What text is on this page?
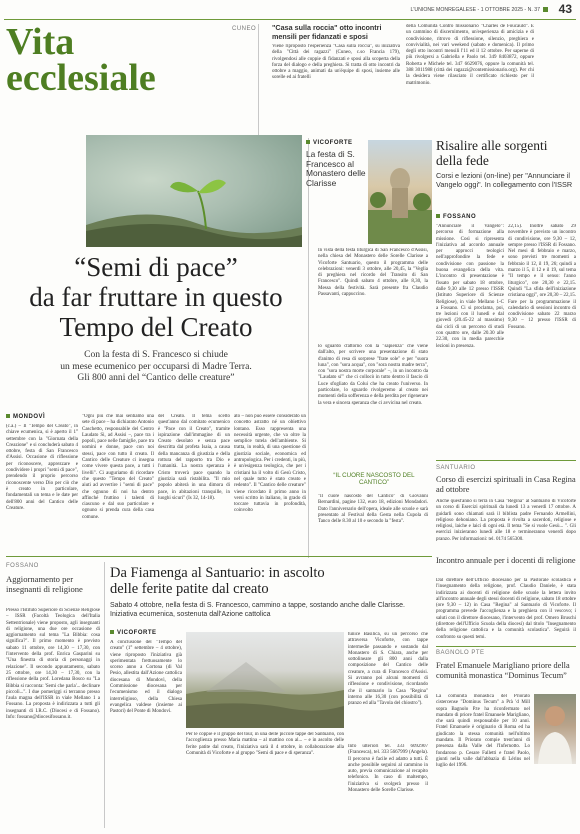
L'UNIONE MONREGALESE - 1 OTTOBRE 2025 - N. 37 43
Vita
ecclesiale
CUNEO "Casa sulla roccia" otto incontri mensili per fidanzati e sposi
Viene riproposto l'esperienza "Casa sulla roccia", su iniziativa della "Città dei ragazzi" (Cuneo, c.so Francia 179), rivolgendosi alle coppie di fidanzati e sposi alla scoperta della forza del dialogo e della preghiera. Si tratta di otto incontri da ottobre a maggio, animati da un'équipe di sposi, insieme alle sorelle ed ai fratelli
della Comunità Contro missionario "Charles de Foucauld". È un cammino di discernimento, un'esperienza di amicizia e di condivisione, ritrovo di riflessione, silenzio, preghiera e convivialità, nei vari weekend (sabato e domenica). Il primo degli otto incontri mensili l'11 ed il 12 ottobre. Per saperne di più rivolgersi a Gabriella e Paolo tel. 349 8403872, oppure Roberta e Michele tel. 347 6629076, oppure la comunità tel. 388 3011988 (città dei ragazzi@contemissionario.org). Per chi la desidera viene rilasciato il certificato richiesto per il matrimonio.
“Semi di pace”
da far fruttare in questo
Tempo del Creato
Con la festa di S. Francesco si chiude
un mese ecumenico per occuparsi di Madre Terra.
Gli 800 anni del “Cantico delle creature”
MONDOVÌ
(c.a.) – Il "Tempo del Creato", in chiave ecumenica, si è aperto il 1° settembre con la "Giornata della Creazione" e si concluderà sabato 4 ottobre, festa di San Francesco d'Assisi. Occasione di riflessione per riconoscere, apprezzare e condividere i propri "semi di pace", prendendo il proprio percorso riconoscente verso Dio per ciò che è creato in particolare, fondamentali un tema e le date per dell'800 anni del Cantico delle Creature.
"Ogni più che mai sentiamo una sete di pace – ha dichiarato Antonio Caschetto, responsabile del Centro Laudato Si, ad Assisi –, pace tra i popoli, pace nelle famiglie, pace tra uomini e donne, pace con noi stessi, pace con tutto il creato. Il Cantico delle Creature ci insegna come vivere questa pace, a tutti i livelli". Ci auguriamo di ricordare che questo "Tempo del Creato" aiuti ad avvertire i "semi di pace" che ognuno di noi ha dentro affinché fruttino i talenti di ciascuno e dal suo particolare e ognuno si prenda cura della casa comune.
del Creato. Il tema scelto quest'anno dal comitato ecumenico è "Pace con il Creato", tramite ispirazione dall'immagine di un Creato desolato e senza pace descritta dal profeta Isaia, a causa della mancanza di giustizia e della rottura del rapporto tra Dio e l'umanità. La nostra speranza è Cristo troverà pace quando la giustizia sarà ristabilita. "Il mio popolo abiterà in una dimora di pace, in abitazioni tranquille, in luoghi sicuri" (Is 32, 14-18).
ato – non può essere considerato un concetto astratto né un obiettivo lontano. Esso rappresenta una necessità urgente, che va oltre la semplice tutela dell'ambiente. Si tratta, in realtà, di una questione di giustizia sociale, economica ed antropologica. Per i credenti, in più, è un'esigenza teologica, che per i cristiani ha il volto di Gesù Cristo, nel quale tutto è stato creato e redento". Il "Cantico delle creature" viene ricordato il primo anno in versi scritto in italiano, in grado di toccare tuttavia in profondità, coinvolto
VICOFORTE
La festa di S. Francesco al Monastero delle Clarisse
In vista della festa liturgica di San Francesco d'Assisi, nella chiesa del Monastero delle Sorelle Clarisse a Vicoforte Santuario, questo il programma delle celebrazioni: venerdì 3 ottobre, alle 20,45, la "Veglia di preghiera nel ricordo del Transito di San Francesco". Quindi sabato 4 ottobre, alle 8,30, la Messa della festività. Sarà presente fra Claudio Passavanti, cappuccino.
lo sguardo d'attorno con la "sapienza" che viene dall'alto, per scrivere una presentazione di stato d'animo di resa di sorprese "frate sole" e per "suora luna", con "sora acqua", con "sora nostra madre terra", con "sora nostra morte corporale" –, in un incontro da "Laudato si'" che ci collocò in tutto dentro il fascio di Luce sfogliato da Colui che ha creato l'universo. In particolare, lo sguardo rivolgeremo al creato nei momenti della sofferenza e della perdita per rigenerare la vera e sincera speranza che ci avvicina nel creato.
“IL CUORE NASCOSTO DEL CANTICO”
"Il cuore nascosto del Cantico" di Giovanni Bernardini, pagine 132, euro 18, edizioni Mondadori. Dato l'anniversario dell'opera, ideale alle scuole e sarà presentato al Festival della Gesta nella Cupola di Tanco delle 8.30 al 10 e secondo la "festa".
Risalire alle sorgenti della fede
Corsi e lezioni (on-line) per "Annunciare il Vangelo oggi". In collegamento con l'ISSR
FOSSANO
"Annunciare il Vangelo": percorso di formazione alla missione. Così si ripresenta l'iniziativa ad accordo annuale per approcci teologici nell'approfondire la fede e condivisione con passione la buona evangelica della vita. L'incontro di presentazione è fissato per sabato 18 ottobre, dalle 9,30 alle 12 presso l'ISSR (Istituto Superiore di Scienze Religiose), in viale Mellano 1-C a Fossano. Ci si proclama, poi, tre lezioni con il lunedì e dal giovedì (20.45-22 al massimo) dai cicli di un percorso di studi con quattro ore, dalle 20.30 alle 22.30, con in media parecchie lezioni in presenza.
22,15). Inoltre sabato 29 novembre è previsto un incontro di condivisione, ore 9,30 – 12, sempre presso l'ISSR di Fossano. Nel mesi di febbraio e marzo, sono previsti tre momenti a febbraio il 12, il 19, 26; quindi a marzo il 5, il 12 e il 19, sul tema "Il tempo e il senso: l'anno liturgico", ore 20,30 e 22,15. Quindi "La sfida dell'iniziazione cristiana oggi", ore 20,30 – 22,15. Fare per la programmazione il calendario di sessioni incontro di condivisione sabato 22 marzo 9,30 – 12 presso l'ISSR di Fossano.
SANTUARIO
Corso di esercizi spirituali in Casa Regina ad ottobre
Anche quest'anno si terrà in Casa "Regina" al Santuario di Vicoforte un corso di Esercizi spirituali da lunedì 13 a venerdì 17 ottobre. A guidarli sono chiamati sarà il biblista padre Fernando Armellini, religioso dehoniano. La proposta è rivolta a sacerdoti, religiose e religiosi, laiche e laici di ogni età. Il tema "Se si vuole Gesù... ". Gli esercizi inizieranno lunedì alle 18 e termineranno venerdì dopo pranzo. Per informazioni: tel. 0174 565300.
Incontro annuale per i docenti di religione
Dal direttore dell'Ufficio diocesano per la Pastorale scolastica e l'insegnamento della religione, prof. Claudio Daniele, è stata indirizzata ai docenti di religione delle scuole la lettera invito all'incontro annuale degli stessi docenti di religione, sabato 18 ottobre (ore 9,30 – 12) in Casa "Regina" al Santuario di Vicoforte. Il programma prevede l'accoglienza e la preghiera con il vescovo; i saluti con il direttore diocesano, l'intervento del prof. Omero Bruschi (direttore dell'Ufficio Scuola della diocesi) dal titolo "Insegnamento della religione cattolica e la comunità scolastica". Seguirà il confronto su questi temi.
BAGNOLO PTE
Fratel Emanuele Marigliano priore della comunità monastica “Dominus Tecum”
La comunità monastica del Priorato cistercense "Dominus Tecum" a Prà 'd Mill sopra Bagnolo P.te ha riconfermato nel mandato di priore fratel Emanuele Marigliano, che sarà quindi responsabile per 10 anni. Fratel Emanuele è originario di Roma ed ha giudicato la stessa comunità nell'ultimo mandato. Il Priorato compie trent'anni di presenza dalla Valle del l'Infernotto. Lo fondarono p. Cesare Falletti e fratel Paolo, giunti nella valle dall'abbazia di Lérins nel luglio del 1996.
FOSSANO
Aggiornamento per insegnanti di religione
Presso l'Istituto Superiore di Scienze Religiose – ISSR (Facoltà Teologica dell'Italia Settentrionale) viene proposto, agli insegnanti di religione, una due ore occasione di aggiornamento sul tema "La Bibbia: cosa significa?". Il primo momento è previsto sabato 11 ottobre, ore 14,30 – 17,30, con l'intervento della prof. Enrica Gasparini su "Una finestra di storia di personaggi in relazione". Il secondo appuntamento, sabato 25 ottobre, ore 14,30 – 17,30, con la riflessione della prof. Loredana Bosco su "La Bibbia si racconta: 'Semi che parla'... declinare piccoli...". I due pomeriggi si terranno presso l'aula magna dell'ISSR in viale Mellano 1 a Fossano. La proposta è indirizzata a tutti gli insegnanti di I.R.C. (Diocesi e di Fossano). Info: fossano@diocesifossano.it.
Da Fiamenga al Santuario: in ascolto
delle ferite patite dal creato
Sabato 4 ottobre, nella festa di S. Francesco, cammino a tappe, sostando anche dalle Clarisse. Iniziativa ecumenica, sostenuta dall'Azione cattolica
VICOFORTE
A conclusione del "Tempo del creato" (1° settembre – 4 ottobre), viene riproposto l'iniziativa già sperimentata frettuosamente lo scorso anno a Cortona (di Val Pesio, allestita dall'Azione cattolica diocesana di Mondovì, della Commissione diocesana per l'ecumenismo ed il dialogo interreligioso, della Chiesa evangelica valdese (insieme ai Pastori) del Ponte di Mondovì.
Per le coppie e il gruppo del tour, in una delle piccole tappe del Santuario, con l'accoglienza presso Maria mattina – al mattino con al... – e in ascolto delle ferite patite dal creato, l'iniziativa sarà il 4 ottobre, in collaborazione alla Comunità di Vicoforte e al gruppo "Semi di pace e di speranza".
tunice Basilica, su un percorso che attraversa Vicoforte, con tappe intermedie passando e sostando dal Monastero di S. Chiara, anche per sottolineare gli 800 anni dalla composizione del Cantico delle creature, a cura di Francesco d'Assisi. Si avranno poi alcuni momenti di riflessione e condivisione, ricordando che il santuario la Casa "Regina" interno alle 16,30 (con possibilità di pranzo ed alla "Tavola del chiostro").
Info ulteriori tel. 333 6092907 (Francesca), tel. 333 5667999 (Angela). Il percorso è facile ed adatto a tutti. È anche possibile seguirsi al cammino in auto, previa comunicazione al recapito telefonico. In caso di maltempo, l'iniziativa si svolgerà presso il Monastero delle Sorelle Clarisse.
